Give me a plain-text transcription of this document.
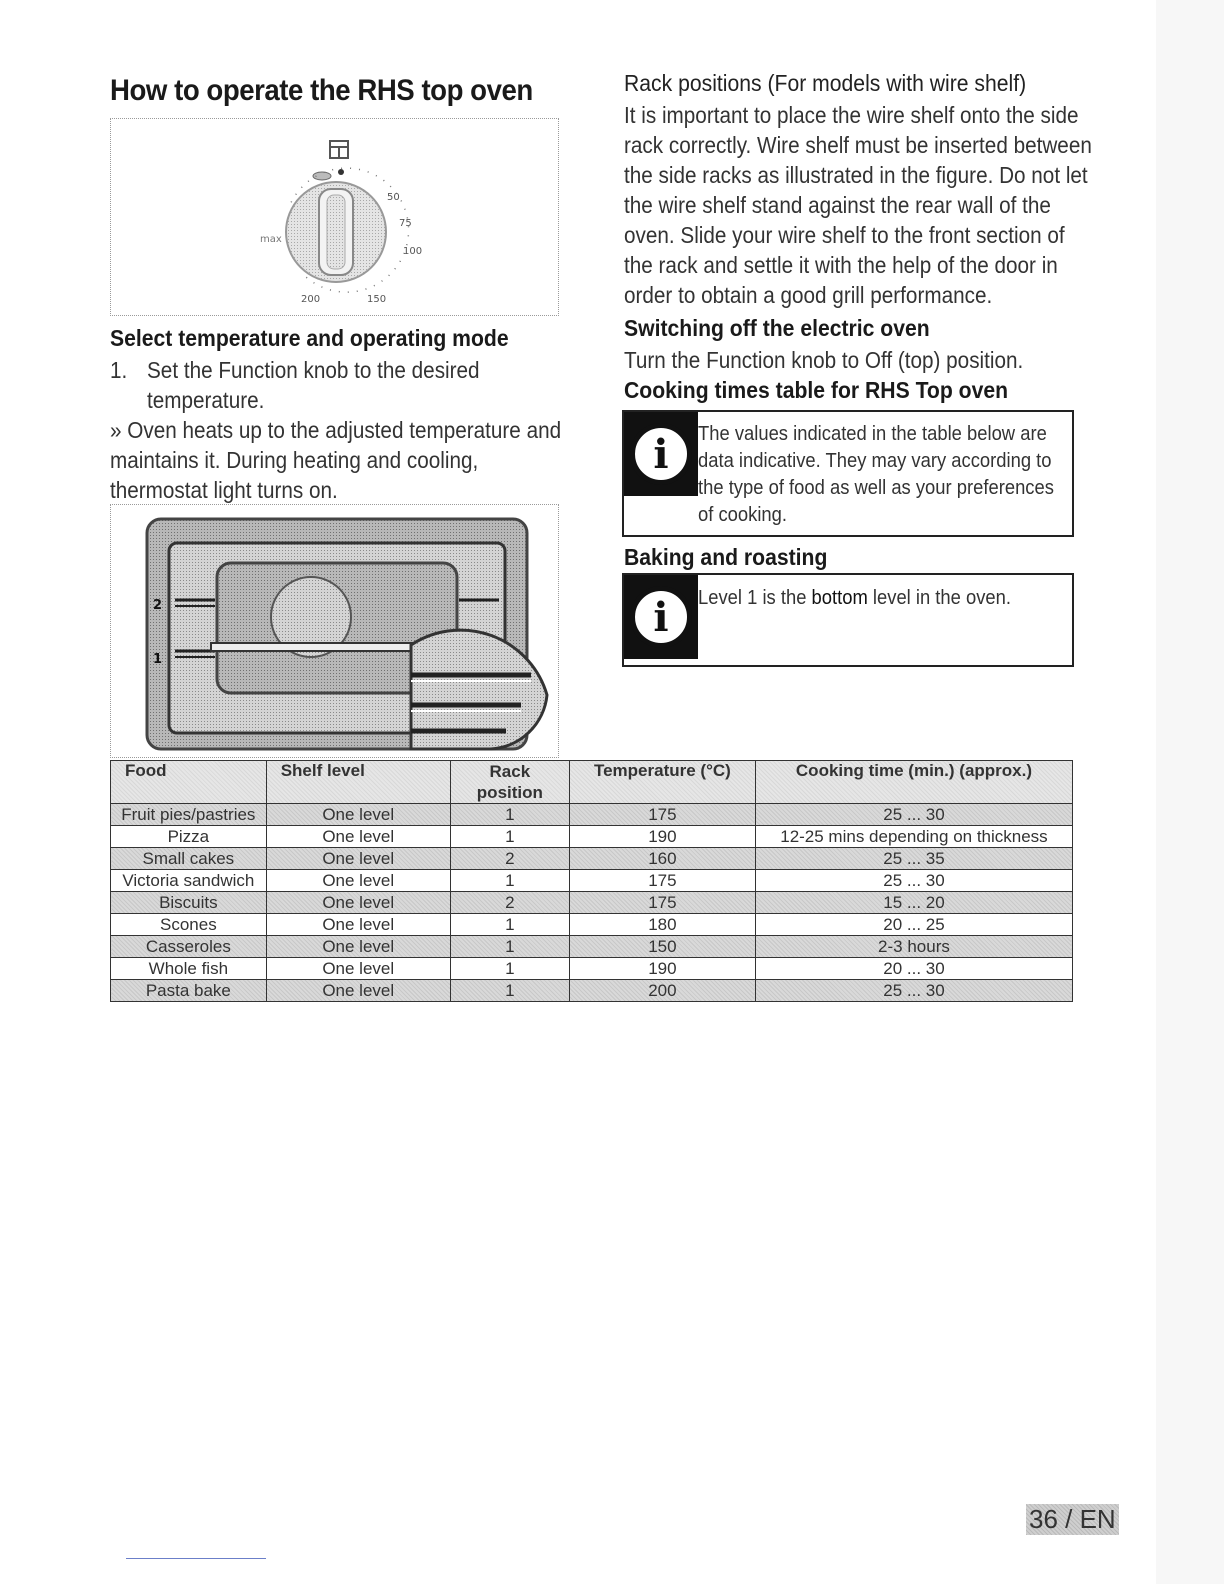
How to operate the RHS top oven
max
50
75
100
150
200
Select temperature and operating mode
1. Set the Function knob to the desired temperature.
» Oven heats up to the adjusted temperature and maintains it. During heating and cooling, thermostat light turns on.
2
1
Rack positions (For models with wire shelf)
It is important to place the wire shelf onto the side rack correctly. Wire shelf must be inserted between the side racks as illustrated in the figure. Do not let the wire shelf stand against the rear wall of the oven. Slide your wire shelf to the front section of the rack and settle it with the help of the door in order to obtain a good grill performance.
Switching off the electric oven
Turn the Function knob to Off (top) position.
Cooking times table for RHS Top oven
i	The values indicated in the table below are data indicative. They may vary according to the type of food as well as your preferences of cooking.
Baking and roasting
i	Level 1 is the bottom level in the oven.
Food	Shelf level	Rack position	Temperature (°C)	Cooking time (min.) (approx.)
Fruit pies/pastries	One level	1	175	25 ... 30
Pizza	One level	1	190	12-25 mins depending on thickness
Small cakes	One level	2	160	25 ... 35
Victoria sandwich	One level	1	175	25 ... 30
Biscuits	One level	2	175	15 ... 20
Scones	One level	1	180	20 ... 25
Casseroles	One level	1	150	2-3 hours
Whole fish	One level	1	190	20 ... 30
Pasta bake	One level	1	200	25 ... 30
36 / EN
